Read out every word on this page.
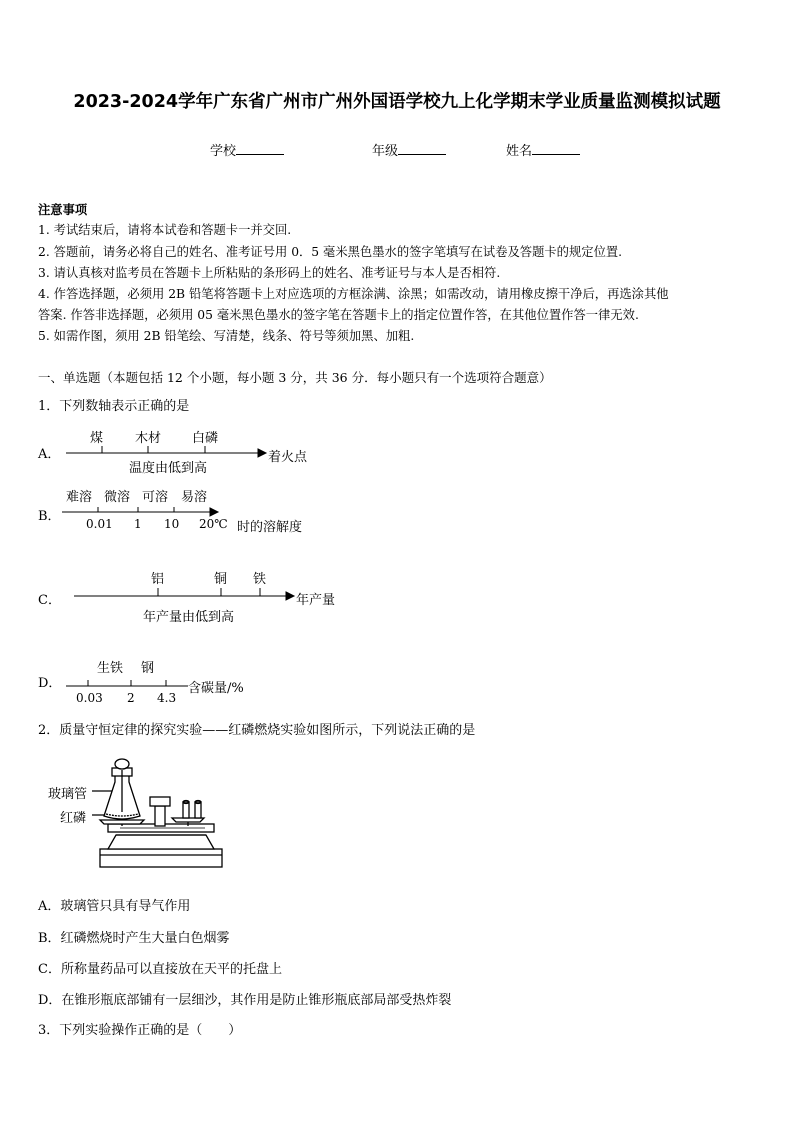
2023-2024学年广东省广州市广州外国语学校九上化学期末学业质量监测模拟试题
学校	年级	姓名
注意事项
1. 考试结束后，请将本试卷和答题卡一并交回.
2. 答题前，请务必将自己的姓名、准考证号用 0．5 毫米黑色墨水的签字笔填写在试卷及答题卡的规定位置.
3. 请认真核对监考员在答题卡上所粘贴的条形码上的姓名、准考证号与本人是否相符.
4. 作答选择题，必须用 2B 铅笔将答题卡上对应选项的方框涂满、涂黑；如需改动，请用橡皮擦干净后，再选涂其他
答案. 作答非选择题，必须用 05 毫米黑色墨水的签字笔在答题卡上的指定位置作答，在其他位置作答一律无效.
5. 如需作图，须用 2B 铅笔绘、写清楚，线条、符号等须加黑、加粗.
一、单选题（本题包括 12 个小题，每小题 3 分，共 36 分．每小题只有一个选项符合题意）
1．下列数轴表示正确的是
A．
煤 木材 白磷
着火点
温度由低到高
B．
难溶 微溶 可溶 易溶
0.01 1 10 20℃ 时的溶解度
C．
铝	铜 铁
年产量
年产量由低到高
D．
生铁 钢
0.03 2 4.3
含碳量/%
2．质量守恒定律的探究实验——红磷燃烧实验如图所示，下列说法正确的是
玻璃管
红磷
A．玻璃管只具有导气作用
B．红磷燃烧时产生大量白色烟雾
C．所称量药品可以直接放在天平的托盘上
D．在锥形瓶底部铺有一层细沙，其作用是防止锥形瓶底部局部受热炸裂
3．下列实验操作正确的是（　　）
